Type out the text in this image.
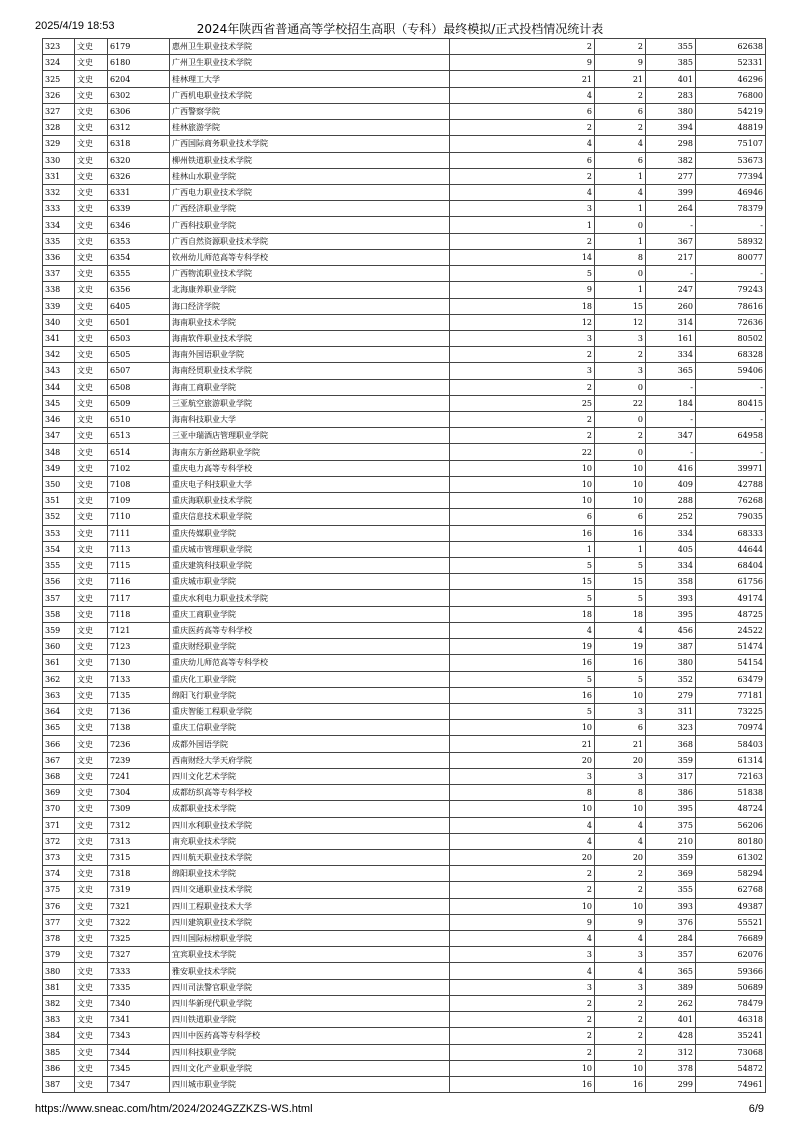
2025/4/19 18:53	2024年陕西省普通高等学校招生高职（专科）最终模拟/正式投档情况统计表
323	文史	6179	惠州卫生职业技术学院	2	2	355	62638
324	文史	6180	广州卫生职业技术学院	9	9	385	52331
325	文史	6204	桂林理工大学	21	21	401	46296
326	文史	6302	广西机电职业技术学院	4	2	283	76800
327	文史	6306	广西警察学院	6	6	380	54219
328	文史	6312	桂林旅游学院	2	2	394	48819
329	文史	6318	广西国际商务职业技术学院	4	4	298	75107
330	文史	6320	柳州铁道职业技术学院	6	6	382	53673
331	文史	6326	桂林山水职业学院	2	1	277	77394
332	文史	6331	广西电力职业技术学院	4	4	399	46946
333	文史	6339	广西经济职业学院	3	1	264	78379
334	文史	6346	广西科技职业学院	1	0	-	-
335	文史	6353	广西自然资源职业技术学院	2	1	367	58932
336	文史	6354	钦州幼儿师范高等专科学校	14	8	217	80077
337	文史	6355	广西物流职业技术学院	5	0	-	-
338	文史	6356	北海康养职业学院	9	1	247	79243
339	文史	6405	海口经济学院	18	15	260	78616
340	文史	6501	海南职业技术学院	12	12	314	72636
341	文史	6503	海南软件职业技术学院	3	3	161	80502
342	文史	6505	海南外国语职业学院	2	2	334	68328
343	文史	6507	海南经贸职业技术学院	3	3	365	59406
344	文史	6508	海南工商职业学院	2	0	-	-
345	文史	6509	三亚航空旅游职业学院	25	22	184	80415
346	文史	6510	海南科技职业大学	2	0	-	-
347	文史	6513	三亚中瑞酒店管理职业学院	2	2	347	64958
348	文史	6514	海南东方新丝路职业学院	22	0	-	-
349	文史	7102	重庆电力高等专科学校	10	10	416	39971
350	文史	7108	重庆电子科技职业大学	10	10	409	42788
351	文史	7109	重庆海联职业技术学院	10	10	288	76268
352	文史	7110	重庆信息技术职业学院	6	6	252	79035
353	文史	7111	重庆传媒职业学院	16	16	334	68333
354	文史	7113	重庆城市管理职业学院	1	1	405	44644
355	文史	7115	重庆建筑科技职业学院	5	5	334	68404
356	文史	7116	重庆城市职业学院	15	15	358	61756
357	文史	7117	重庆水利电力职业技术学院	5	5	393	49174
358	文史	7118	重庆工商职业学院	18	18	395	48725
359	文史	7121	重庆医药高等专科学校	4	4	456	24522
360	文史	7123	重庆财经职业学院	19	19	387	51474
361	文史	7130	重庆幼儿师范高等专科学校	16	16	380	54154
362	文史	7133	重庆化工职业学院	5	5	352	63479
363	文史	7135	绵阳飞行职业学院	16	10	279	77181
364	文史	7136	重庆智能工程职业学院	5	3	311	73225
365	文史	7138	重庆工信职业学院	10	6	323	70974
366	文史	7236	成都外国语学院	21	21	368	58403
367	文史	7239	西南财经大学天府学院	20	20	359	61314
368	文史	7241	四川文化艺术学院	3	3	317	72163
369	文史	7304	成都纺织高等专科学校	8	8	386	51838
370	文史	7309	成都职业技术学院	10	10	395	48724
371	文史	7312	四川水利职业技术学院	4	4	375	56206
372	文史	7313	南充职业技术学院	4	4	210	80180
373	文史	7315	四川航天职业技术学院	20	20	359	61302
374	文史	7318	绵阳职业技术学院	2	2	369	58294
375	文史	7319	四川交通职业技术学院	2	2	355	62768
376	文史	7321	四川工程职业技术大学	10	10	393	49387
377	文史	7322	四川建筑职业技术学院	9	9	376	55521
378	文史	7325	四川国际标榜职业学院	4	4	284	76689
379	文史	7327	宜宾职业技术学院	3	3	357	62076
380	文史	7333	雅安职业技术学院	4	4	365	59366
381	文史	7335	四川司法警官职业学院	3	3	389	50689
382	文史	7340	四川华新现代职业学院	2	2	262	78479
383	文史	7341	四川铁道职业学院	2	2	401	46318
384	文史	7343	四川中医药高等专科学校	2	2	428	35241
385	文史	7344	四川科技职业学院	2	2	312	73068
386	文史	7345	四川文化产业职业学院	10	10	378	54872
387	文史	7347	四川城市职业学院	16	16	299	74961
https://www.sneac.com/htm/2024/2024GZZKZS-WS.html	6/9
